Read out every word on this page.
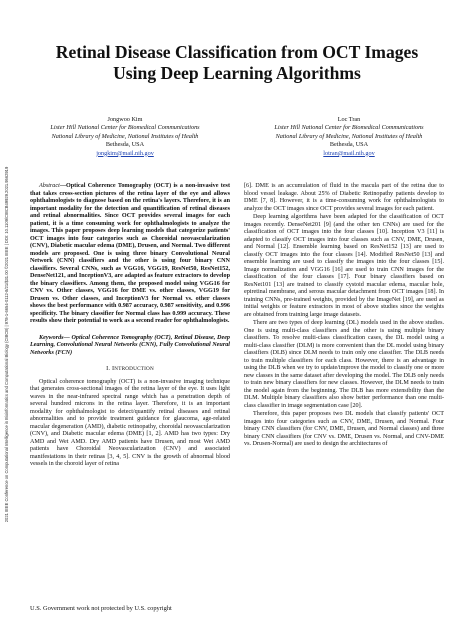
2021 IEEE Conference on Computational Intelligence in Bioinformatics and Computational Biology (CIBCB) | 978-1-6654-0112-8/21/$31.00 ©2021 IEEE | DOI: 10.1109/CIBCB49929.2021.9562919
Retinal Disease Classification from OCT Images
Using Deep Learning Algorithms
Jongwoo Kim
Lister Hill National Center for Biomedical Communications
National Library of Medicine, National Institutes of Health
Bethesda, USA
jongkim@mail.nih.gov
Loc Tran
Lister Hill National Center for Biomedical Communications
National Library of Medicine, National Institutes of Health
Bethesda, USA
lotran@mail.nih.gov

Abstract—Optical Coherence Tomography (OCT) is a non-invasive test that takes cross-section pictures of the retina layer of the eye and allows ophthalmologists to diagnose based on the retina's layers. Therefore, it is an important modality for the detection and quantification of retinal diseases and retinal abnormalities. Since OCT provides several images for each patient, it is a time consuming work for ophthalmologists to analyze the images. This paper proposes deep learning models that categorize patients' OCT images into four categories such as Choroidal neovascularization (CNV), Diabetic macular edema (DME), Drusen, and Normal. Two different models are proposed. One is using three binary Convolutional Neural Network (CNN) classifiers and the other is using four binary CNN classifiers. Several CNNs, such as VGG16, VGG19, ResNet50, ResNet152, DenseNet121, and InceptionV3, are adapted as feature extractors to develop the binary classifiers. Among them, the proposed model using VGG16 for CNV vs. Other classes, VGG16 for DME vs. other classes, VGG19 for Drusen vs. Other classes, and InceptionV3 for Normal vs. other classes shows the best performance with 0.987 accuracy, 0.987 sensitivity, and 0.996 specificity. The binary classifier for Normal class has 0.999 accuracy. These results show their potential to work as a second reader for ophthalmologists.

Keywords— Optical Coherence Tomography (OCT), Retinal Disease, Deep Learning, Convolutional Neural Networks (CNN), Fully Convolutional Neural Networks (FCN)

I. INTRODUCTION

Optical coherence tomography (OCT) is a non-invasive imaging technique that generates cross-sectional images of the retina layer of the eye. It uses light waves in the near-infrared spectral range which has a penetration depth of several hundred microns in the retina layer. Therefore, it is an important modality for ophthalmologist to detect/quantify retinal diseases and retinal abnormalities and to provide treatment guidance for glaucoma, age-related macular degeneration (AMD), diabetic retinopathy, choroidal neovascularization (CNV), and Diabetic macular edema (DME) [1, 2]. AMD has two types: Dry AMD and Wet AMD. Dry AMD patients have Drusen, and most Wet AMD patients have Choroidal Neovascularization (CNV) and associated manifestations in their retinas [3, 4, 5]. CNV is the growth of abnormal blood vessels in the choroid layer of retina

[6]. DME is an accumulation of fluid in the macula part of the retina due to blood vessel leakage. About 25% of Diabetic Retinopathy patients develop to DME [7, 8]. However, it is a time-consuming work for ophthalmologists to analyze the OCT images since OCT provides several images for each patient.

Deep learning algorithms have been adapted for the classification of OCT images recently. DenseNet201 [9] (and the other ten CNNs) are used for the classification of OCT images into the four classes [10]. Inception V3 [11] is adapted to classify OCT images into four classes such as CNV, DME, Drusen, and Normal [12]. Ensemble learning based on ResNet152 [13] are used to classify OCT images into the four classes [14]. Modified ResNet50 [13] and ensemble learning are used to classify the images into the four classes [15]. Image normalization and VGG16 [16] are used to train CNN images for the classification of the four classes [17]. Four binary classifiers based on ResNet101 [13] are trained to classify cystoid macular edema, macular hole, epiretinal membrane, and serous macular detachment from OCT images [18]. In training CNNs, pre-trained weights, provided by the ImageNet [19], are used as initial weights or feature extractors in most of above studies since the weights are obtained from training large image datasets.

There are two types of deep learning (DL) models used in the above studies. One is using multi-class classifiers and the other is using multiple binary classifiers. To resolve multi-class classification cases, the DL model using a multi-class classifier (DLM) is more convenient than the DL model using binary classifiers (DLB) since DLM needs to train only one classifier. The DLB needs to train multiple classifiers for each class. However, there is an advantage in using the DLB when we try to update/improve the model to classify one or more new classes in the same dataset after developing the model. The DLB only needs to train new binary classifiers for new classes. However, the DLM needs to train the model again from the beginning. The DLB has more extensibility than the DLM. Multiple binary classifiers also show better performance than one multi-class classifier in image segmentation case [20].

Therefore, this paper proposes two DL models that classify patients' OCT images into four categories such as CNV, DME, Drusen, and Normal. Four binary CNN classifiers (for CNV, DME, Drusen, and Normal classes) and three binary CNN classifiers (for CNV vs. DME, Drusen vs. Normal, and CNV-DME vs. Drusen-Normal) are used to design the architectures of

U.S. Government work not protected by U.S. copyright
